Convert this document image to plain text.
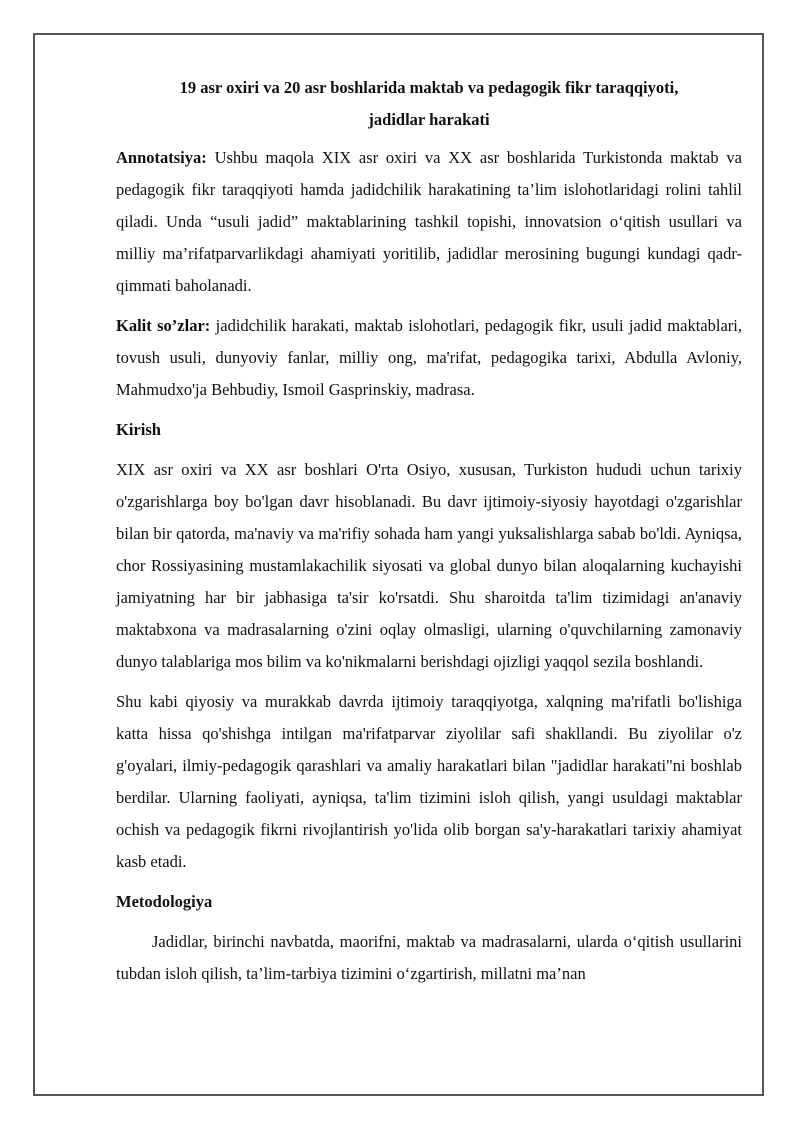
19 asr oxiri va 20 asr boshlarida maktab va pedagogik fikr taraqqiyoti,
jadidlar harakati

Annotatsiya: Ushbu maqola XIX asr oxiri va XX asr boshlarida Turkistonda maktab va pedagogik fikr taraqqiyoti hamda jadidchilik harakatining ta’lim islohotlaridagi rolini tahlil qiladi. Unda “usuli jadid” maktablarining tashkil topishi, innovatsion o‘qitish usullari va milliy ma’rifatparvarlikdagi ahamiyati yoritilib, jadidlar merosining bugungi kundagi qadr-qimmati baholanadi.

Kalit so’zlar: jadidchilik harakati, maktab islohotlari, pedagogik fikr, usuli jadid maktablari, tovush usuli, dunyoviy fanlar, milliy ong, ma'rifat, pedagogika tarixi, Abdulla Avloniy, Mahmudxo'ja Behbudiy, Ismoil Gasprinskiy, madrasa.

Kirish

XIX asr oxiri va XX asr boshlari O'rta Osiyo, xususan, Turkiston hududi uchun tarixiy o'zgarishlarga boy bo'lgan davr hisoblanadi. Bu davr ijtimoiy-siyosiy hayotdagi o'zgarishlar bilan bir qatorda, ma'naviy va ma'rifiy sohada ham yangi yuksalishlarga sabab bo'ldi. Ayniqsa, chor Rossiyasining mustamlakachilik siyosati va global dunyo bilan aloqalarning kuchayishi jamiyatning har bir jabhasiga ta'sir ko'rsatdi. Shu sharoitda ta'lim tizimidagi an'anaviy maktabxona va madrasalarning o'zini oqlay olmasligi, ularning o'quvchilarning zamonaviy dunyo talablariga mos bilim va ko'nikmalarni berishdagi ojizligi yaqqol sezila boshlandi.

Shu kabi qiyosiy va murakkab davrda ijtimoiy taraqqiyotga, xalqning ma'rifatli bo'lishiga katta hissa qo'shishga intilgan ma'rifatparvar ziyolilar safi shakllandi. Bu ziyolilar o'z g'oyalari, ilmiy-pedagogik qarashlari va amaliy harakatlari bilan "jadidlar harakati"ni boshlab berdilar. Ularning faoliyati, ayniqsa, ta'lim tizimini isloh qilish, yangi usuldagi maktablar ochish va pedagogik fikrni rivojlantirish yo'lida olib borgan sa'y-harakatlari tarixiy ahamiyat kasb etadi.

Metodologiya

Jadidlar, birinchi navbatda, maorifni, maktab va madrasalarni, ularda o‘qitish usullarini tubdan isloh qilish, ta’lim-tarbiya tizimini o‘zgartirish, millatni ma’nan
